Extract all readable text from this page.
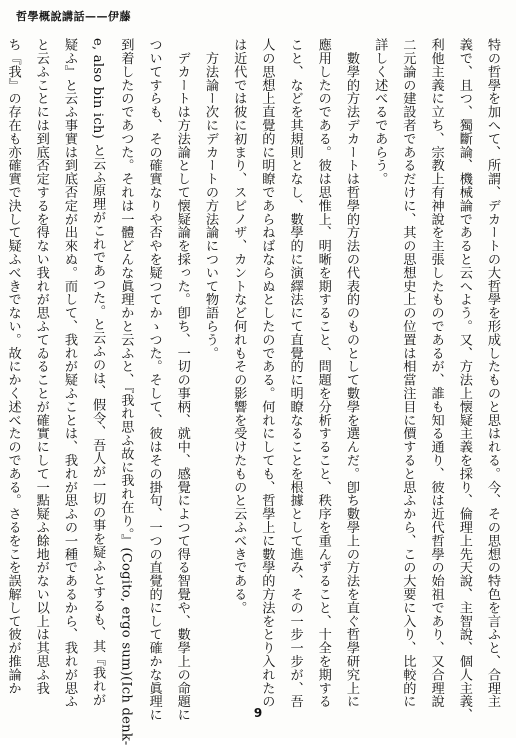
哲學概說講話——伊藤
特の哲學を加へて、所謂、デカートの大哲學を形成したものと思はれる。今、その思想の特色を言ふと、合理主
義で、且つ、獨斷論、機械論であると云へよう。又、方法上懐疑主義を採り、倫理上先天說、主智說、個人主義、
利他主義に立ち、宗教上有神說を主張したものであるが、誰も知る通り、彼は近代哲學の始祖であり、又合理說
二元論の建設者であるだけに、其の思想史上の位置は相當注目に價すると思ふから、この大要に入り、比較的に
詳しく述べるであらう。
　數學的方法デカートは哲學的方法の代表的のものとして數學を選んだ。卽ち數學上の方法を直ぐ哲學研究上に
應用したのである。彼は思惟上、明晰を期すること、問題を分析すること、秩序を重んずること、十全を期する
こと、などを其規則となし、數學的に演繹法にて直覺的に明瞭なることを根據として進み、その一步一步が、吾
人の思想上直覺的に明瞭であらねばならぬとしたのである。何れにしても、哲學上に數學的方法をとり入れたの
は近代では彼に初まり、スピノザ、カントなど何れもその影響を受けたものと云ふべきである。
　方法論ー次にデカートの方法論について物語らう。
　デカートは方法論として懐疑論を採った。卽ち、一切の事柄、就中、感覺によつて得る智覺や、數學上の命題に
ついてすらも、その確實なりや否やを疑つてかゝつた。そして、彼はその掛句、一つの直覺的にして確かな眞理に
到着したのであつた。それは一體どんな眞理かと云ふと、『我れ思ふ故に我れ在り。』(Cogito, ergo sum)(Ich denk-
e, also bin ich) と云ふ原理がこれであつた。と云ふのは、假令、吾人が一切の事を疑ふとするも、其『我れが
疑ふ』と云ふ事實は到底否定が出來ぬ。而して、我れが疑ふことは、我れが思ふの一種であるから、我れが思ふ
と云ふことには到底否定するを得ない我れが思ふてゐることが確實にして一點疑ふ餘地がない以上は其思ふ我
ち『我』の存在も亦確實で決して疑ふべきでない。故にかく述べたのである。さるをこを誤解して彼が推論か
9
